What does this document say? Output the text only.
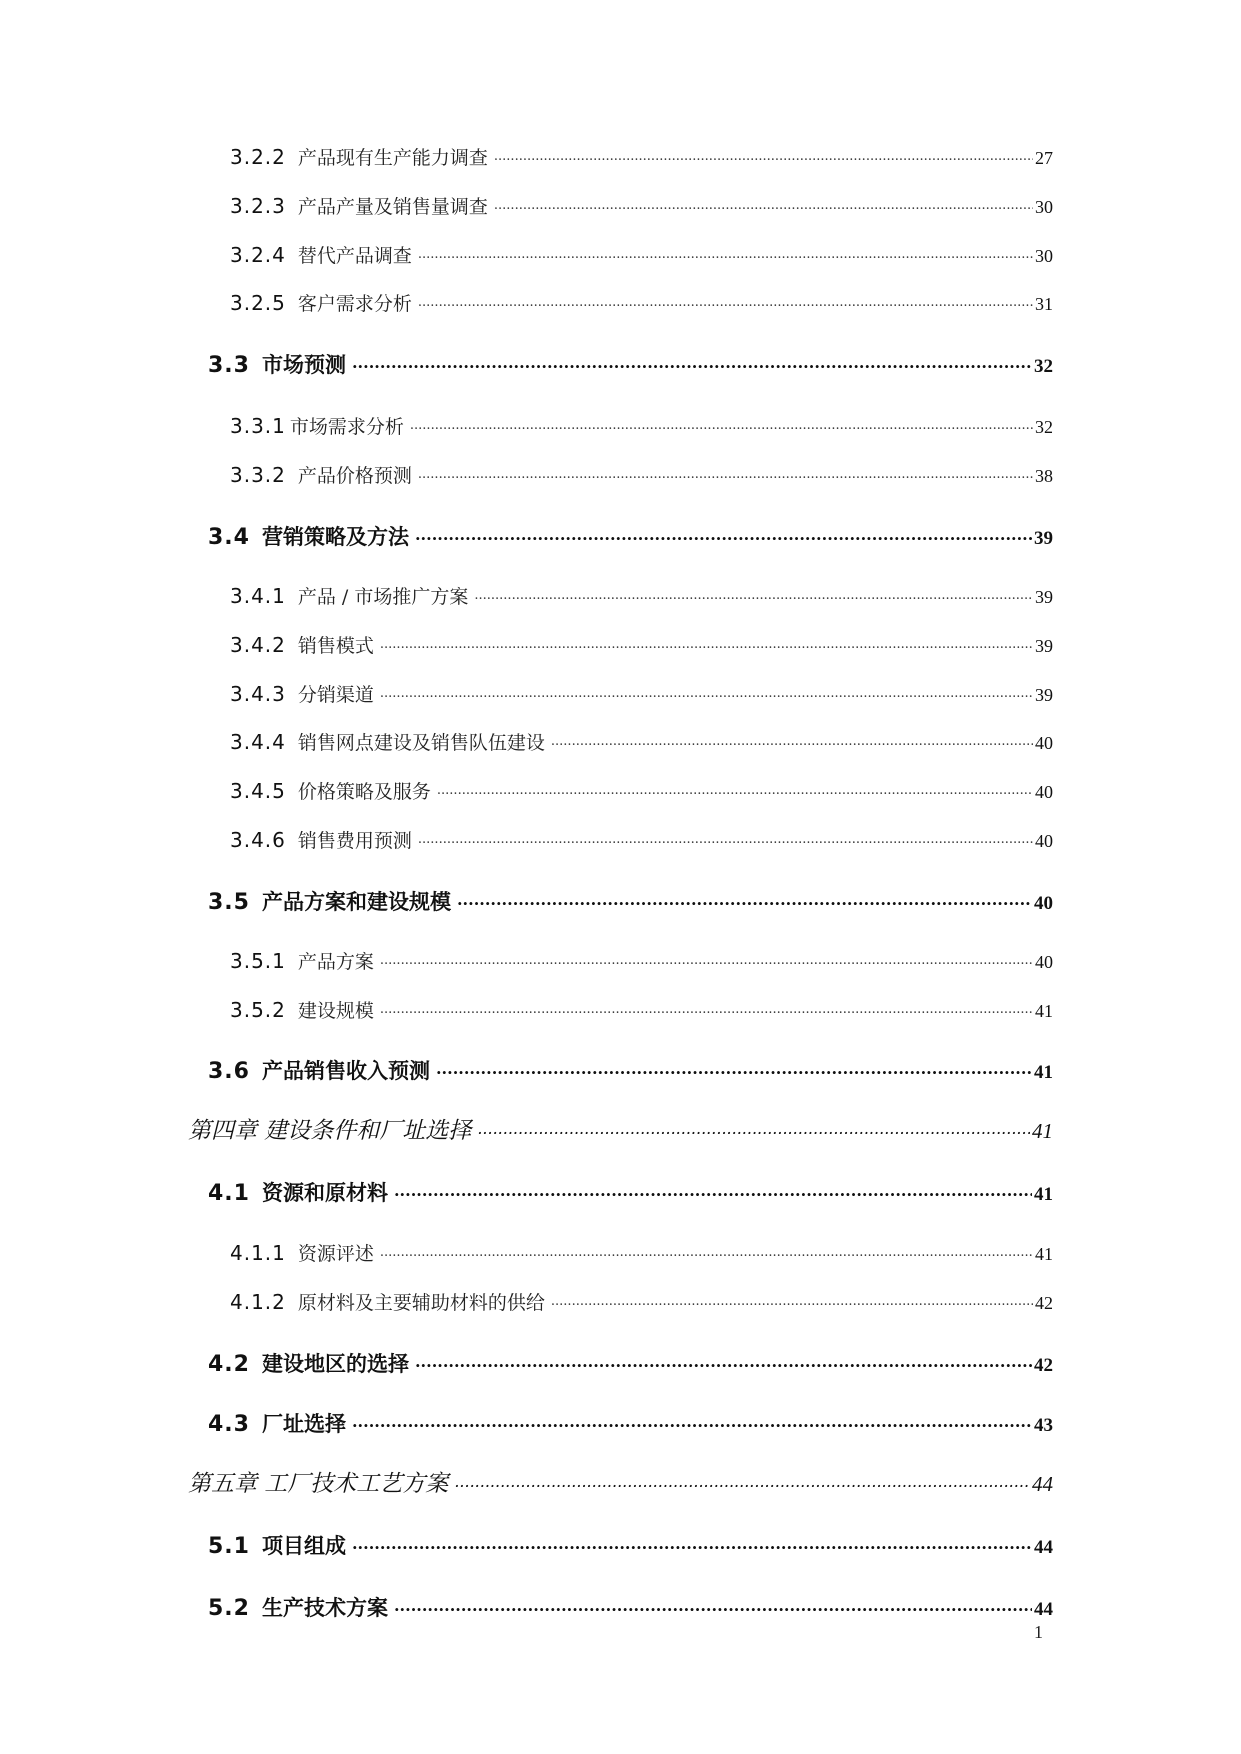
3.2.2 产品现有生产能力调查 .....	27
3.2.3 产品产量及销售量调查 .....	30
3.2.4 替代产品调查 .....	30
3.2.5 客户需求分析 .....	31
3.3 市场预测 .....	32
3.3.1 市场需求分析 .....	32
3.3.2 产品价格预测 .....	38
3.4 营销策略及方法 .....	39
3.4.1 产品 / 市场推广方案 .....	39
3.4.2 销售模式 .....	39
3.4.3 分销渠道 .....	39
3.4.4 销售网点建设及销售队伍建设 .....	40
3.4.5 价格策略及服务 .....	40
3.4.6 销售费用预测 .....	40
3.5 产品方案和建设规模 .....	40
3.5.1 产品方案 .....	40
3.5.2 建设规模 .....	41
3.6 产品销售收入预测 .....	41
第四章 建设条件和厂址选择 .....	41
4.1 资源和原材料 .....	41
4.1.1 资源评述 .....	41
4.1.2 原材料及主要辅助材料的供给 .....	42
4.2 建设地区的选择 .....	42
4.3 厂址选择 .....	43
第五章 工厂技术工艺方案 .....	44
5.1 项目组成 .....	44
5.2 生产技术方案 .....	44
1
